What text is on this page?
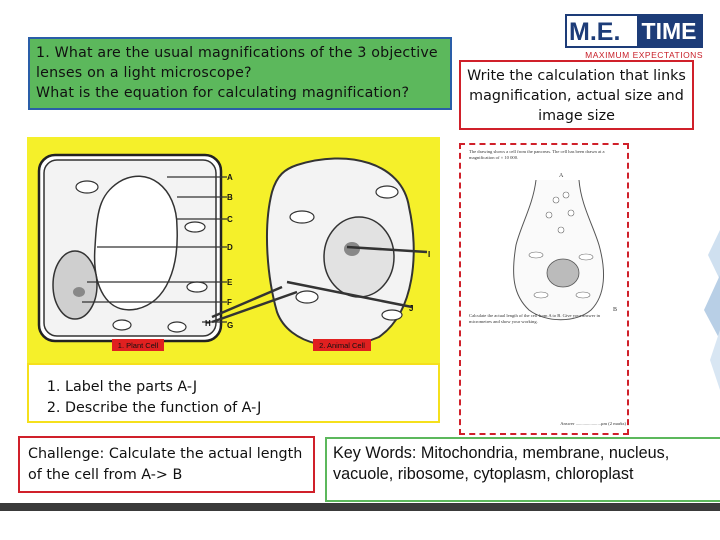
1. What are the usual magnifications of the 3 objective
lenses on a light microscope?
What is the equation for calculating magnification?
M.E. TIME
MAXIMUM EXPECTATIONS
Write the calculation that links
magnification, actual size and
image size
A
B
C
D
E
F
G
H
I
J
1. Plant Cell	2. Animal Cell
1. Label the parts A-J
2. Describe the function of A-J
The drawing shows a cell from the pancreas. The cell has been drawn at a magnification of × 10 000.
A
B
Calculate the actual length of the cell from A to B. Give your answer in micrometres and show your working.
Answer ......................µm (2 marks)
Challenge: Calculate the actual length
of the cell from A-> B
Key Words: Mitochondria, membrane, nucleus, vacuole, ribosome, cytoplasm, chloroplast
